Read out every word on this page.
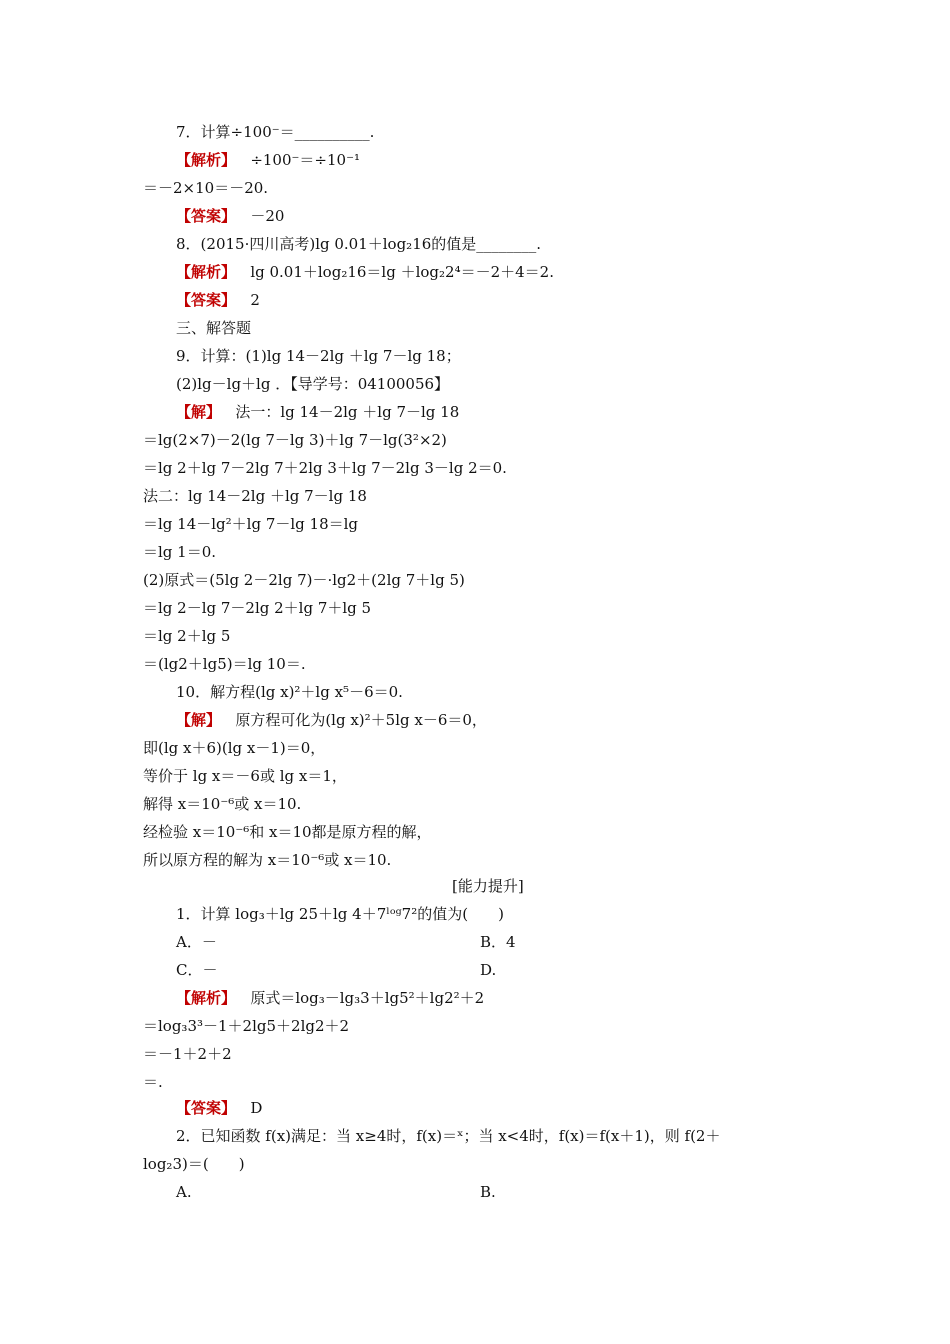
7．计算÷100⁻＝__________.
【解析】   ÷100⁻＝÷10⁻¹
＝－2×10＝－20.
【答案】   －20
8．(2015·四川高考)lg 0.01＋log₂16的值是________.
【解析】   lg 0.01＋log₂16＝lg ＋log₂2⁴＝－2＋4＝2.
【答案】   2
三、解答题
9．计算：(1)lg 14－2lg ＋lg 7－lg 18；
(2)lg－lg＋lg ．【导学号：04100056】
【解】   法一：lg 14－2lg ＋lg 7－lg 18
＝lg(2×7)－2(lg 7－lg 3)＋lg 7－lg(3²×2)
＝lg 2＋lg 7－2lg 7＋2lg 3＋lg 7－2lg 3－lg 2＝0.
法二：lg 14－2lg ＋lg 7－lg 18
＝lg 14－lg²＋lg 7－lg 18＝lg
＝lg 1＝0.
(2)原式＝(5lg 2－2lg 7)－·lg2＋(2lg 7＋lg 5)
＝lg 2－lg 7－2lg 2＋lg 7＋lg 5
＝lg 2＋lg 5
＝(lg2＋lg5)＝lg 10＝.
10．解方程(lg x)²＋lg x⁵－6＝0.
【解】   原方程可化为(lg x)²＋5lg x－6＝0，
即(lg x＋6)(lg x－1)＝0，
等价于 lg x＝－6或 lg x＝1，
解得 x＝10⁻⁶或 x＝10.
经检验 x＝10⁻⁶和 x＝10都是原方程的解，
所以原方程的解为 x＝10⁻⁶或 x＝10.
[能力提升]
1．计算 log₃＋lg 25＋lg 4＋7ˡᵒᵍ7²的值为(　　)
A．－	B．4
C．－	D.
【解析】   原式＝log₃－lg₃3＋lg5²＋lg2²＋2
＝log₃3³－1＋2lg5＋2lg2＋2
＝－1＋2＋2
＝.
【答案】   D
2．已知函数 f(x)满足：当 x≥4时，f(x)＝ˣ；当 x<4时，f(x)＝f(x＋1)，则 f(2＋
log₂3)＝(　　)
A.	B.
